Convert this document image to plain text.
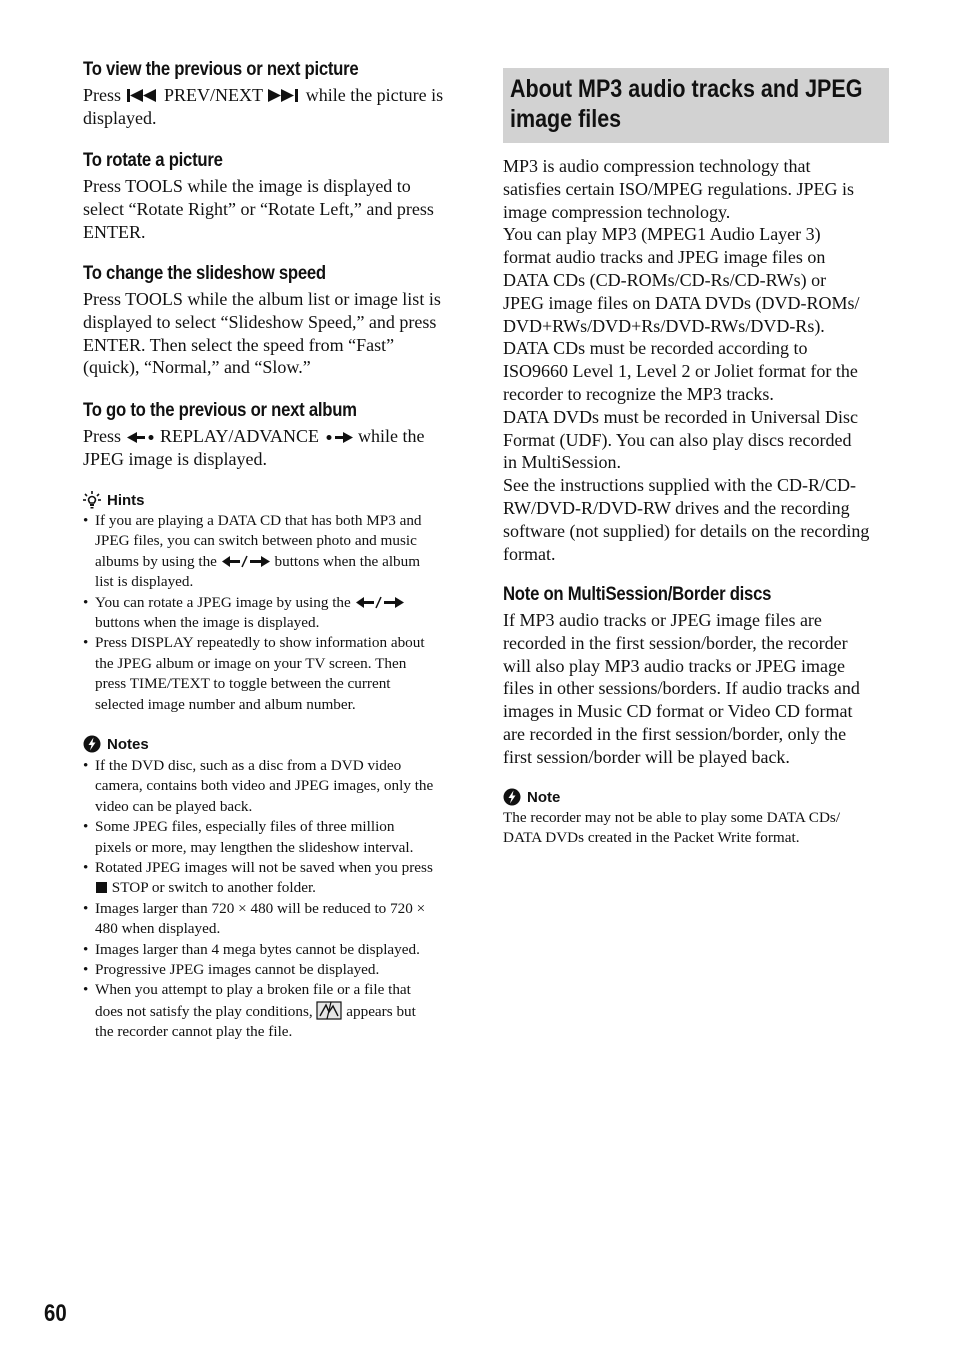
To view the previous or next picture
Press PREV/NEXT while the picture is
displayed.
To rotate a picture
Press TOOLS while the image is displayed to
select “Rotate Right” or “Rotate Left,” and press
ENTER.
To change the slideshow speed
Press TOOLS while the album list or image list is
displayed to select “Slideshow Speed,” and press
ENTER. Then select the speed from “Fast”
(quick), “Normal,” and “Slow.”
To go to the previous or next album
Press REPLAY/ADVANCE while the
JPEG image is displayed.
Hints
• If you are playing a DATA CD that has both MP3 and
JPEG files, you can switch between photo and music
albums by using the	buttons when the album
list is displayed.
• You can rotate a JPEG image by using the
buttons when the image is displayed.
• Press DISPLAY repeatedly to show information about
the JPEG album or image on your TV screen. Then
press TIME/TEXT to toggle between the current
selected image number and album number.
Notes
• If the DVD disc, such as a disc from a DVD video
camera, contains both video and JPEG images, only the
video can be played back.
• Some JPEG files, especially files of three million
pixels or more, may lengthen the slideshow interval.
• Rotated JPEG images will not be saved when you press
STOP or switch to another folder.
• Images larger than 720 × 480 will be reduced to 720 ×
480 when displayed.
• Images larger than 4 mega bytes cannot be displayed.
• Progressive JPEG images cannot be displayed.
• When you attempt to play a broken file or a file that
does not satisfy the play conditions, appears but
the recorder cannot play the file.
About MP3 audio tracks and JPEG
image files
MP3 is audio compression technology that
satisfies certain ISO/MPEG regulations. JPEG is
image compression technology.
You can play MP3 (MPEG1 Audio Layer 3)
format audio tracks and JPEG image files on
DATA CDs (CD-ROMs/CD-Rs/CD-RWs) or
JPEG image files on DATA DVDs (DVD-ROMs/
DVD+RWs/DVD+Rs/DVD-RWs/DVD-Rs).
DATA CDs must be recorded according to
ISO9660 Level 1, Level 2 or Joliet format for the
recorder to recognize the MP3 tracks.
DATA DVDs must be recorded in Universal Disc
Format (UDF). You can also play discs recorded
in MultiSession.
See the instructions supplied with the CD-R/CD-
RW/DVD-R/DVD-RW drives and the recording
software (not supplied) for details on the recording
format.
Note on MultiSession/Border discs
If MP3 audio tracks or JPEG image files are
recorded in the first session/border, the recorder
will also play MP3 audio tracks or JPEG image
files in other sessions/borders. If audio tracks and
images in Music CD format or Video CD format
are recorded in the first session/border, only the
first session/border will be played back.
Note
The recorder may not be able to play some DATA CDs/
DATA DVDs created in the Packet Write format.
60
